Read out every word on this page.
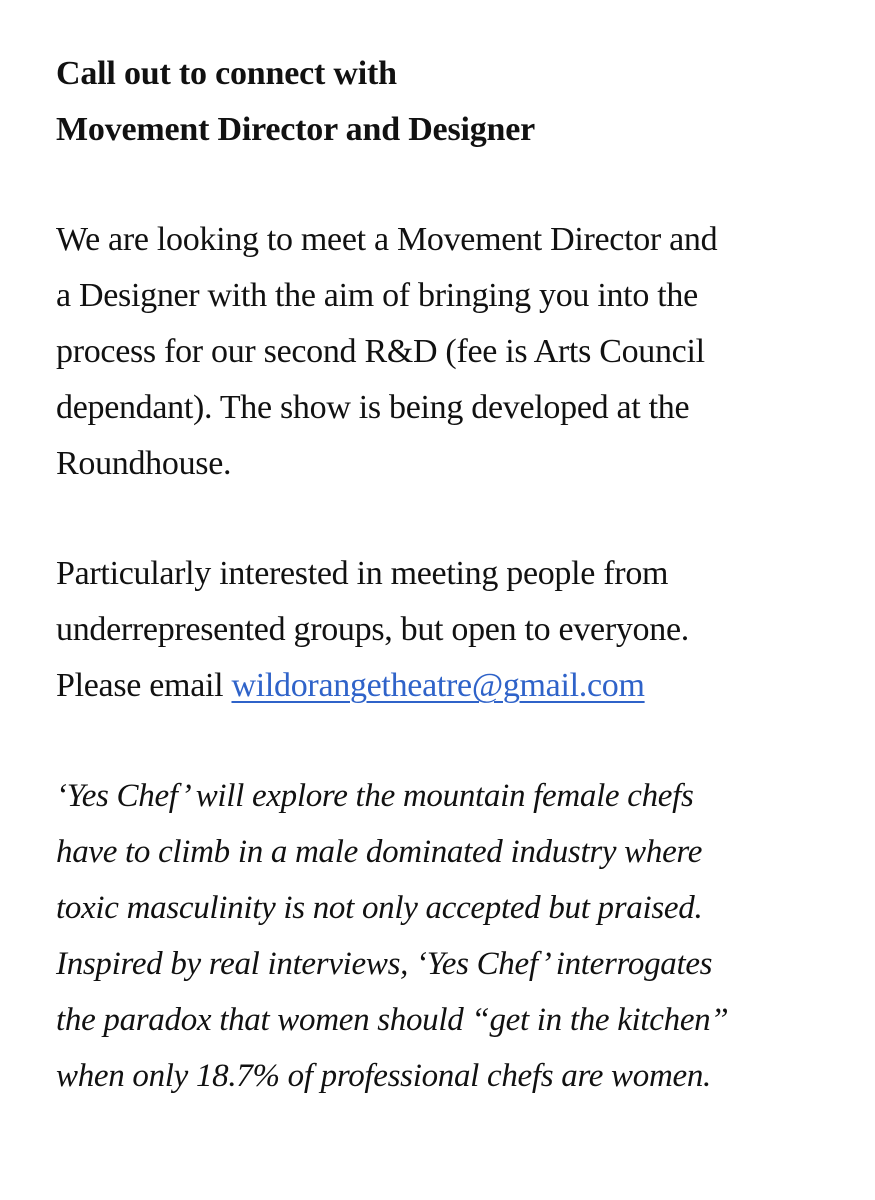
Call out to connect with
Movement Director and Designer

We are looking to meet a Movement Director and
a Designer with the aim of bringing you into the
process for our second R&D (fee is Arts Council
dependant). The show is being developed at the
Roundhouse.

Particularly interested in meeting people from
underrepresented groups, but open to everyone.
Please email wildorangetheatre@gmail.com

‘Yes Chef’ will explore the mountain female chefs
have to climb in a male dominated industry where
toxic masculinity is not only accepted but praised.
Inspired by real interviews, ‘Yes Chef’ interrogates
the paradox that women should “get in the kitchen”
when only 18.7% of professional chefs are women.
